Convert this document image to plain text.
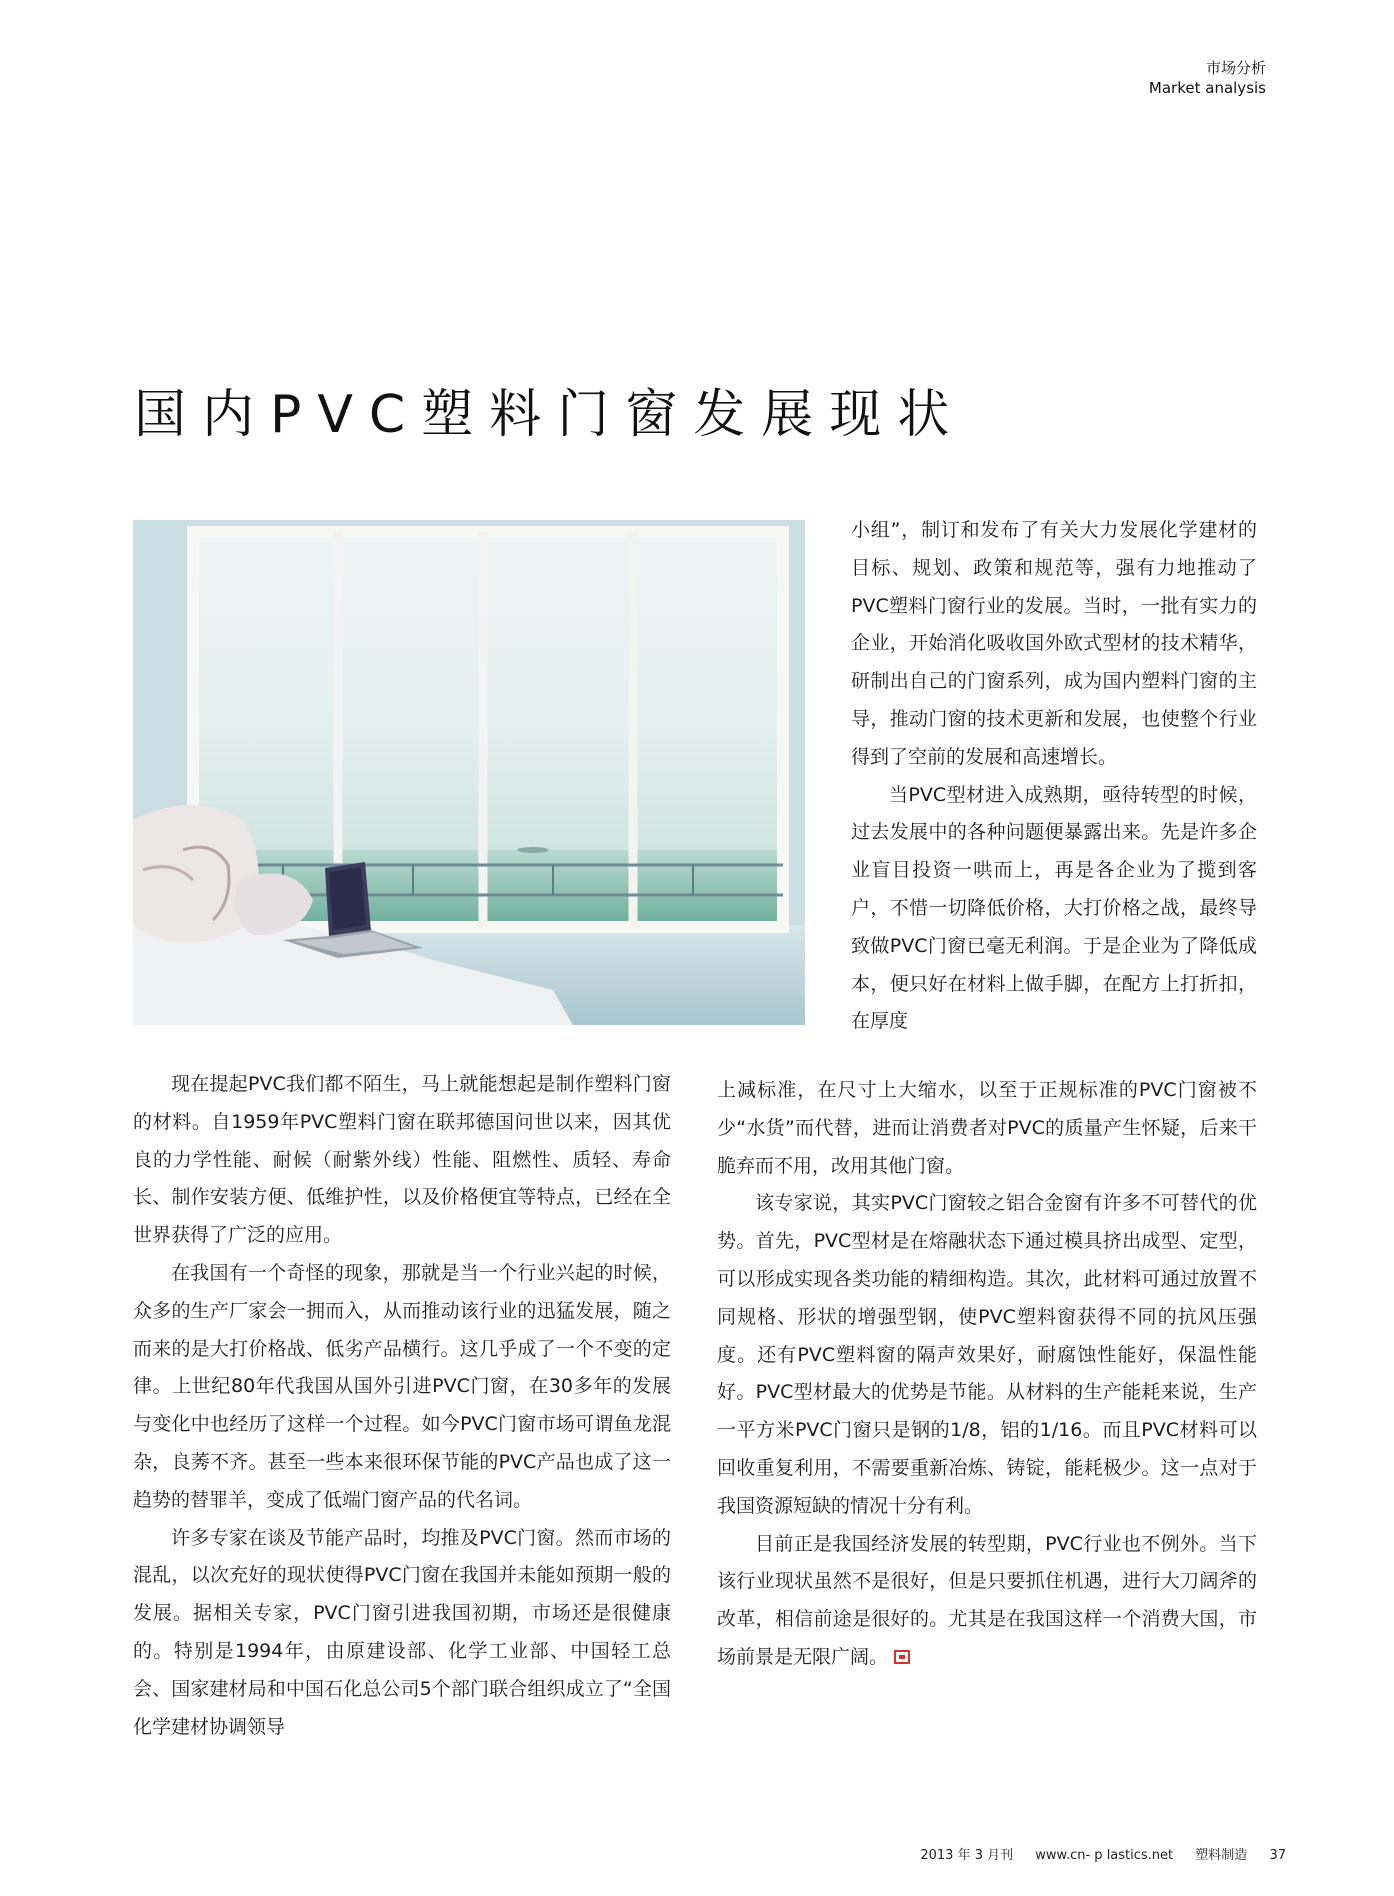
市场分析
Market analysis
国内PVC塑料门窗发展现状

现在提起PVC我们都不陌生，马上就能想起是制作塑料门窗的材料。自1959年PVC塑料门窗在联邦德国问世以来，因其优良的力学性能、耐候（耐紫外线）性能、阻燃性、质轻、寿命长、制作安装方便、低维护性，以及价格便宜等特点，已经在全世界获得了广泛的应用。

在我国有一个奇怪的现象，那就是当一个行业兴起的时候，众多的生产厂家会一拥而入，从而推动该行业的迅猛发展，随之而来的是大打价格战、低劣产品横行。这几乎成了一个不变的定律。上世纪80年代我国从国外引进PVC门窗，在30多年的发展与变化中也经历了这样一个过程。如今PVC门窗市场可谓鱼龙混杂，良莠不齐。甚至一些本来很环保节能的PVC产品也成了这一趋势的替罪羊，变成了低端门窗产品的代名词。

许多专家在谈及节能产品时，均推及PVC门窗。然而市场的混乱，以次充好的现状使得PVC门窗在我国并未能如预期一般的发展。据相关专家，PVC门窗引进我国初期，市场还是很健康的。特别是1994年，由原建设部、化学工业部、中国轻工总会、国家建材局和中国石化总公司5个部门联合组织成立了“全国化学建材协调领导

小组”，制订和发布了有关大力发展化学建材的目标、规划、政策和规范等，强有力地推动了PVC塑料门窗行业的发展。当时，一批有实力的企业，开始消化吸收国外欧式型材的技术精华，研制出自己的门窗系列，成为国内塑料门窗的主导，推动门窗的技术更新和发展，也使整个行业得到了空前的发展和高速增长。

当PVC型材进入成熟期，亟待转型的时候，过去发展中的各种问题便暴露出来。先是许多企业盲目投资一哄而上，再是各企业为了揽到客户，不惜一切降低价格，大打价格之战，最终导致做PVC门窗已毫无利润。于是企业为了降低成本，便只好在材料上做手脚，在配方上打折扣，在厚度

上减标准，在尺寸上大缩水，以至于正规标准的PVC门窗被不少“水货”而代替，进而让消费者对PVC的质量产生怀疑，后来干脆弃而不用，改用其他门窗。

该专家说，其实PVC门窗较之铝合金窗有许多不可替代的优势。首先，PVC型材是在熔融状态下通过模具挤出成型、定型，可以形成实现各类功能的精细构造。其次，此材料可通过放置不同规格、形状的增强型钢，使PVC塑料窗获得不同的抗风压强度。还有PVC塑料窗的隔声效果好，耐腐蚀性能好，保温性能好。PVC型材最大的优势是节能。从材料的生产能耗来说，生产一平方米PVC门窗只是钢的1/8，铝的1/16。而且PVC材料可以回收重复利用，不需要重新冶炼、铸锭，能耗极少。这一点对于我国资源短缺的情况十分有利。

目前正是我国经济发展的转型期，PVC行业也不例外。当下该行业现状虽然不是很好，但是只要抓住机遇，进行大刀阔斧的改革，相信前途是很好的。尤其是在我国这样一个消费大国，市场前景是无限广阔。

2013 年 3 月刊 www.cn- p lastics.net 塑料制造 37
